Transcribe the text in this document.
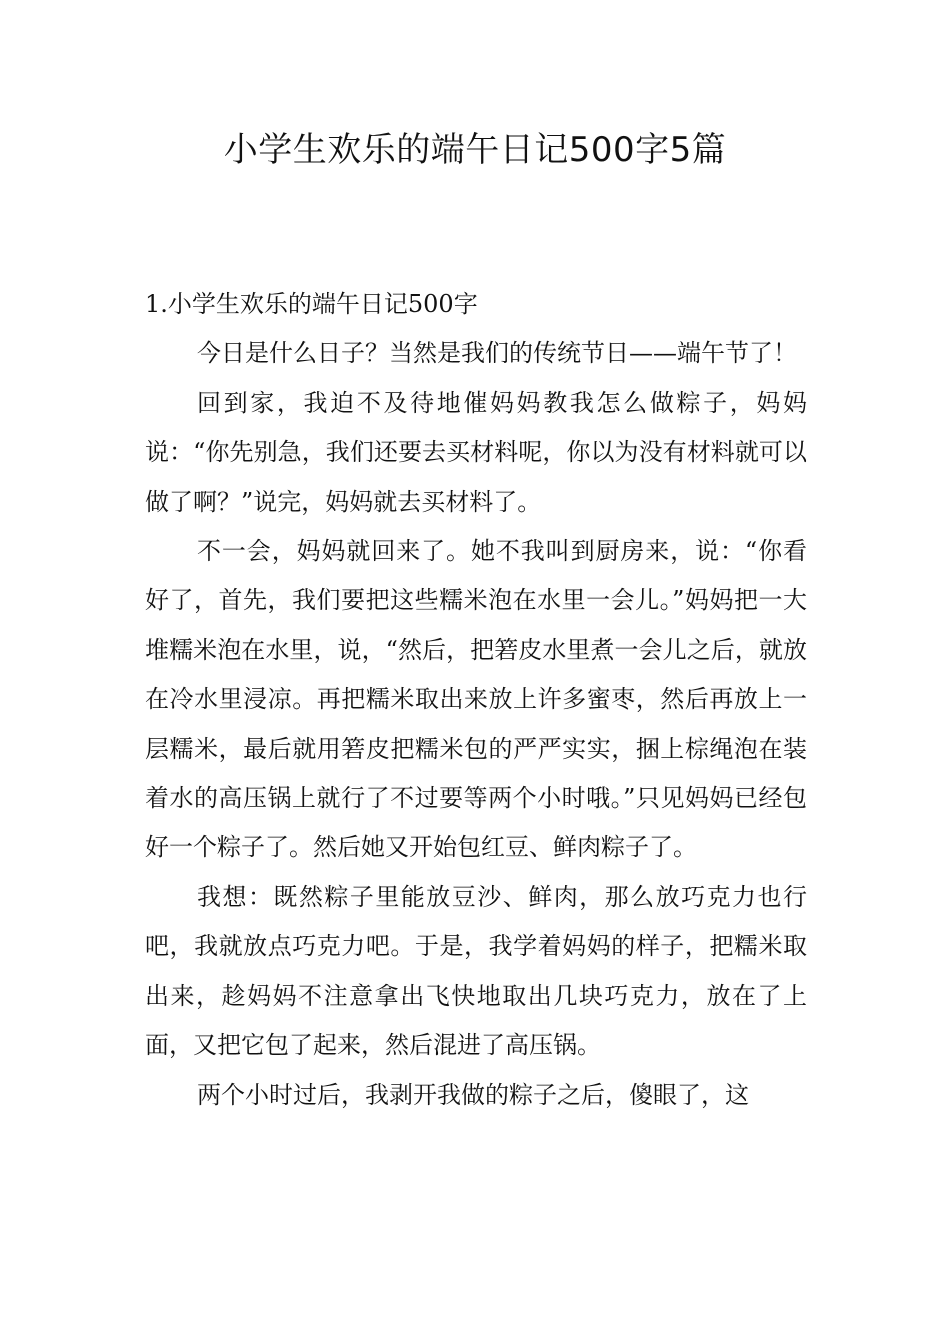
小学生欢乐的端午日记500字5篇

1.小学生欢乐的端午日记500字

今日是什么日子？当然是我们的传统节日——端午节了！

回到家，我迫不及待地催妈妈教我怎么做粽子，妈妈说：“你先别急，我们还要去买材料呢，你以为没有材料就可以做了啊？”说完，妈妈就去买材料了。

不一会，妈妈就回来了。她不我叫到厨房来，说：“你看好了，首先，我们要把这些糯米泡在水里一会儿。”妈妈把一大堆糯米泡在水里，说，“然后，把箬皮水里煮一会儿之后，就放在冷水里浸凉。再把糯米取出来放上许多蜜枣，然后再放上一层糯米，最后就用箬皮把糯米包的严严实实，捆上棕绳泡在装着水的高压锅上就行了不过要等两个小时哦。”只见妈妈已经包好一个粽子了。然后她又开始包红豆、鲜肉粽子了。

我想：既然粽子里能放豆沙、鲜肉，那么放巧克力也行吧，我就放点巧克力吧。于是，我学着妈妈的样子，把糯米取出来，趁妈妈不注意拿出飞快地取出几块巧克力，放在了上面，又把它包了起来，然后混进了高压锅。

两个小时过后，我剥开我做的粽子之后，傻眼了，这
